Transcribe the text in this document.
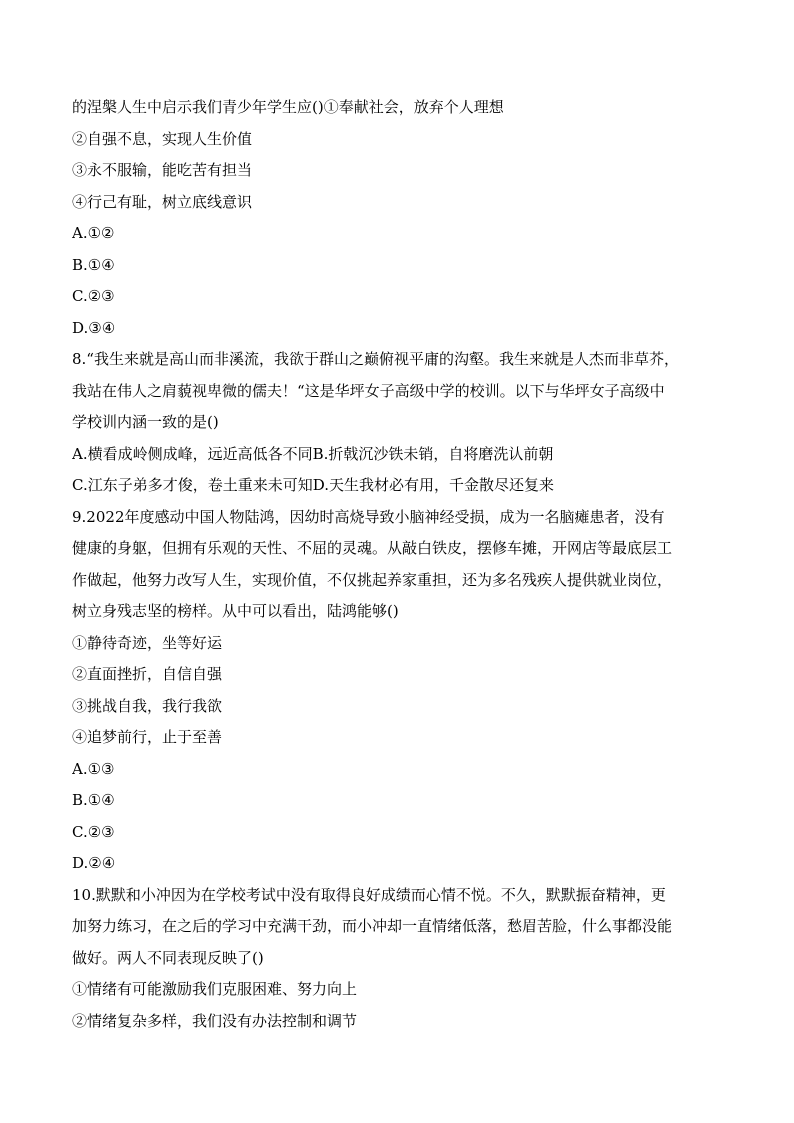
的涅槃人生中启示我们青少年学生应()①奉献社会，放弃个人理想
②自强不息，实现人生价值
③永不服输，能吃苦有担当
④行己有耻，树立底线意识
A.①②
B.①④
C.②③
D.③④
8.“我生来就是高山而非溪流，我欲于群山之巅俯视平庸的沟壑。我生来就是人杰而非草芥，
我站在伟人之肩藐视卑微的儒夫！“这是华坪女子高级中学的校训。以下与华坪女子高级中
学校训内涵一致的是()
A.横看成岭侧成峰，远近高低各不同B.折戟沉沙铁未销，自将磨洗认前朝
C.江东子弟多才俊，卷土重来未可知D.天生我材必有用，千金散尽还复来
9.2022年度感动中国人物陆鸿，因幼时高烧导致小脑神经受损，成为一名脑瘫患者，没有
健康的身躯，但拥有乐观的天性、不屈的灵魂。从敲白铁皮，摆修车摊，开网店等最底层工
作做起，他努力改写人生，实现价值，不仅挑起养家重担，还为多名残疾人提供就业岗位，
树立身残志坚的榜样。从中可以看出，陆鸿能够()
①静待奇迹，坐等好运
②直面挫折，自信自强
③挑战自我，我行我欲
④追梦前行，止于至善
A.①③
B.①④
C.②③
D.②④
10.默默和小冲因为在学校考试中没有取得良好成绩而心情不悦。不久，默默振奋精神，更
加努力练习，在之后的学习中充满干劲，而小冲却一直情绪低落，愁眉苦脸，什么事都没能
做好。两人不同表现反映了()
①情绪有可能激励我们克服困难、努力向上
②情绪复杂多样，我们没有办法控制和调节
